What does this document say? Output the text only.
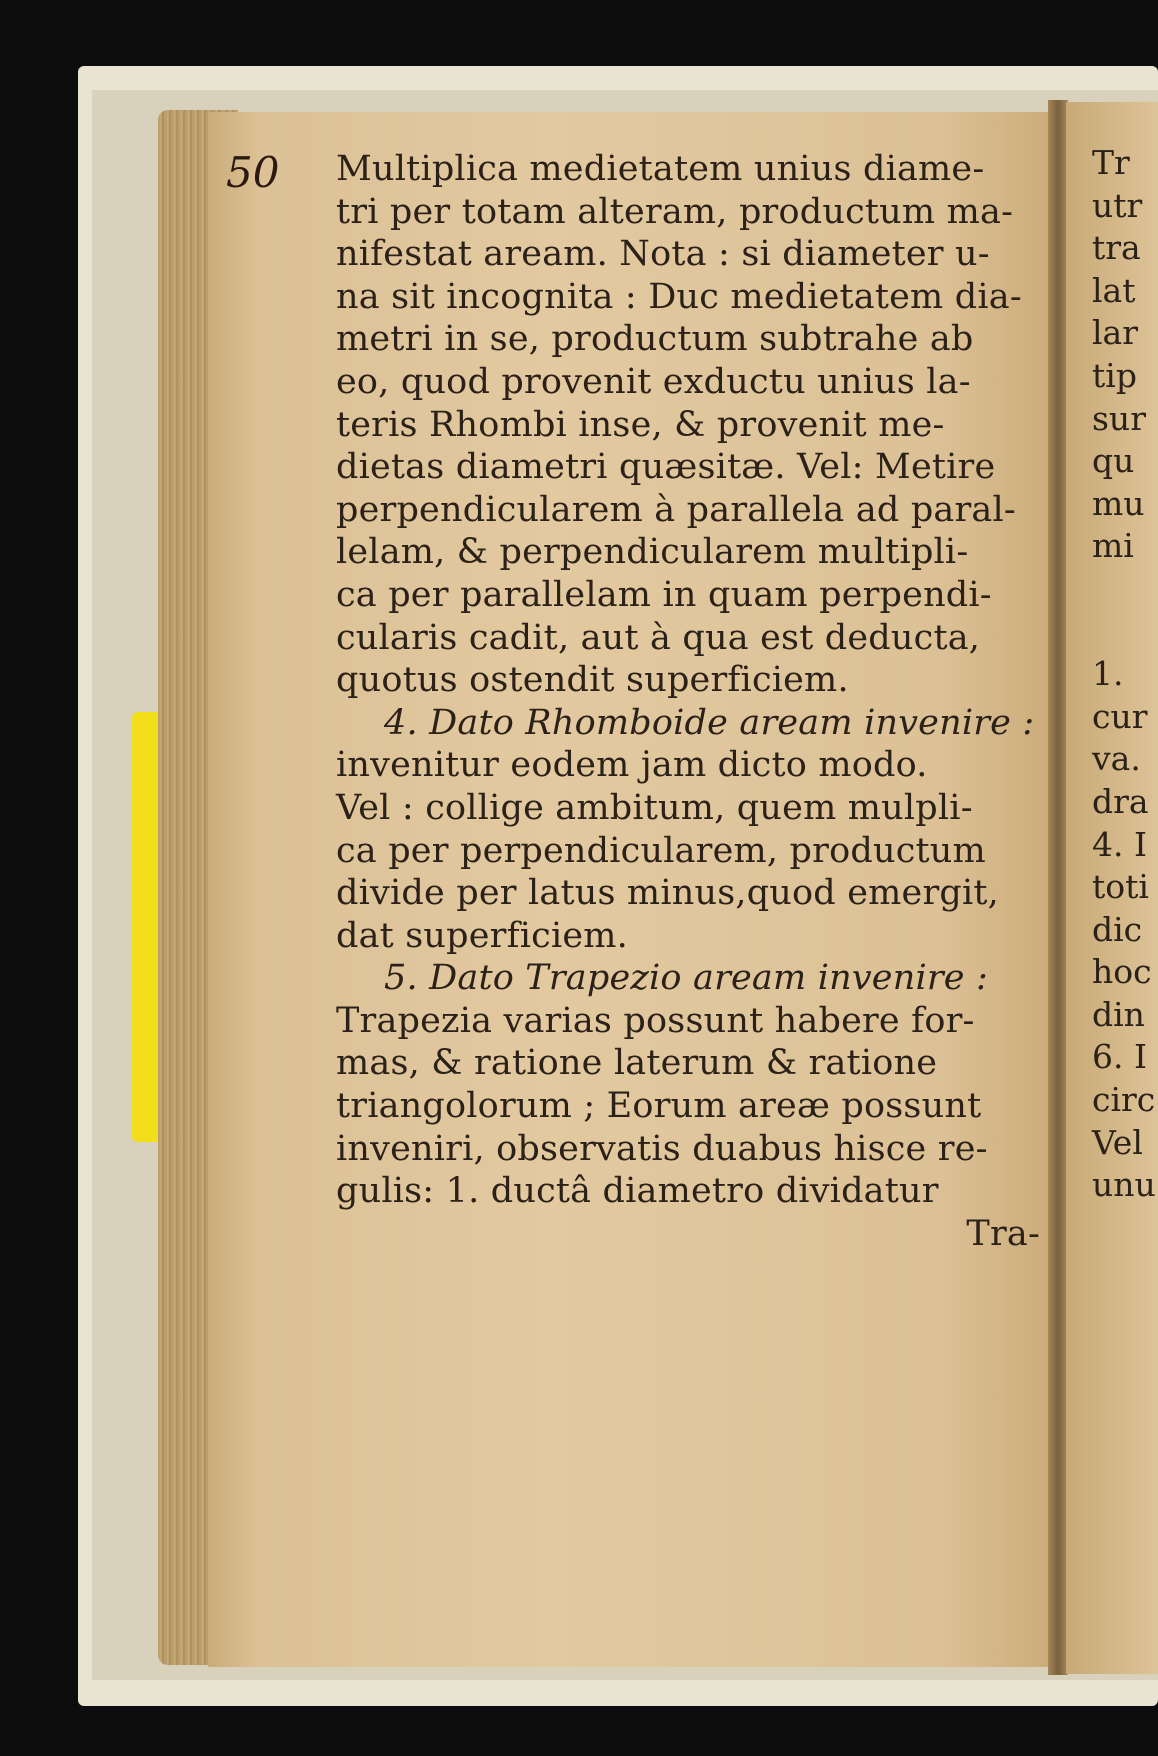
50 Multiplica medietatem unius diame-
tri per totam alteram, productum ma-
nifestat aream. Nota : si diameter u-
na sit incognita : Duc medietatem dia-
metri in se, productum subtrahe ab
eo, quod provenit exductu unius la-
teris Rhombi inse, & provenit me-
dietas diametri quæsitæ. Vel: Metire
perpendicularem à parallela ad paral-
lelam, & perpendicularem multipli-
ca per parallelam in quam perpendi-
cularis cadit, aut à qua est deducta,
quotus ostendit superficiem.
4. Dato Rhomboide aream invenire :
invenitur eodem jam dicto modo.
Vel : collige ambitum, quem mulpli-
ca per perpendicularem, productum
divide per latus minus,quod emergit,
dat superficiem.
5. Dato Trapezio aream invenire :
Trapezia varias possunt habere for-
mas, & ratione laterum & ratione
triangolorum ; Eorum areæ possunt
inveniri, observatis duabus hisce re-
gulis: 1. ductâ diametro dividatur
Tra-
Tr
utr
tra
lat
lar
tip
sur
qu
mu
mi
1.
cur
va.
dra
4. I
toti
dic
hoc
din
6. I
circ
Vel
unu
